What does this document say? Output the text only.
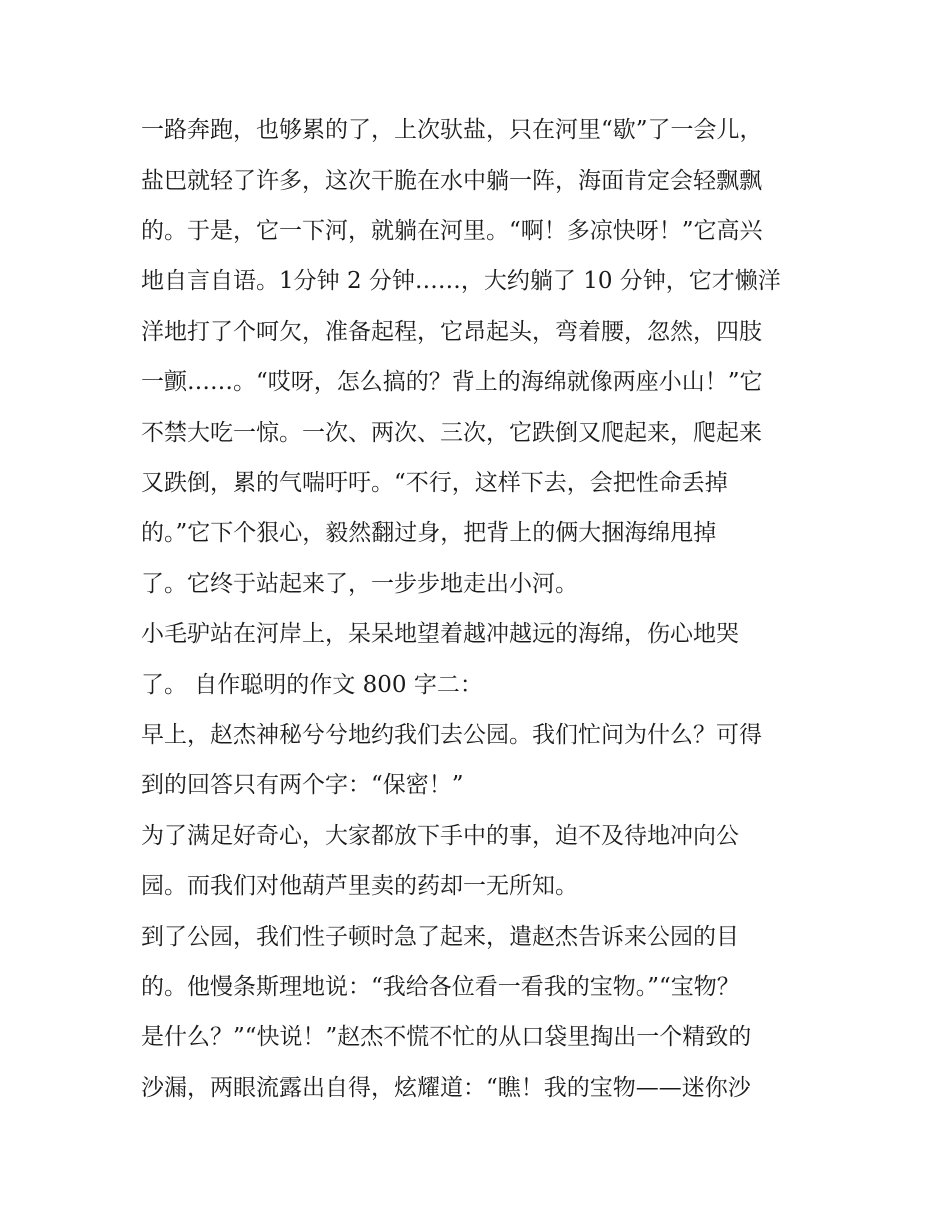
一路奔跑，也够累的了，上次驮盐，只在河里“歇”了一会儿，
盐巴就轻了许多，这次干脆在水中躺一阵，海面肯定会轻飘飘
的。于是，它一下河，就躺在河里。“啊！多凉快呀！”它高兴
地自言自语。1分钟 2 分钟……，大约躺了 10 分钟，它才懒洋
洋地打了个呵欠，准备起程，它昂起头，弯着腰，忽然，四肢
一颤……。“哎呀，怎么搞的？背上的海绵就像两座小山！”它
不禁大吃一惊。一次、两次、三次，它跌倒又爬起来，爬起来
又跌倒，累的气喘吁吁。“不行，这样下去，会把性命丢掉
的。”它下个狠心，毅然翻过身，把背上的俩大捆海绵甩掉
了。它终于站起来了，一步步地走出小河。
小毛驴站在河岸上，呆呆地望着越冲越远的海绵，伤心地哭
了。 自作聪明的作文 800 字二：
早上，赵杰神秘兮兮地约我们去公园。我们忙问为什么？可得
到的回答只有两个字：“保密！”
为了满足好奇心，大家都放下手中的事，迫不及待地冲向公
园。而我们对他葫芦里卖的药却一无所知。
到了公园，我们性子顿时急了起来，遣赵杰告诉来公园的目
的。他慢条斯理地说：“我给各位看一看我的宝物。”“宝物？
是什么？”“快说！”赵杰不慌不忙的从口袋里掏出一个精致的
沙漏，两眼流露出自得，炫耀道：“瞧！我的宝物——迷你沙
